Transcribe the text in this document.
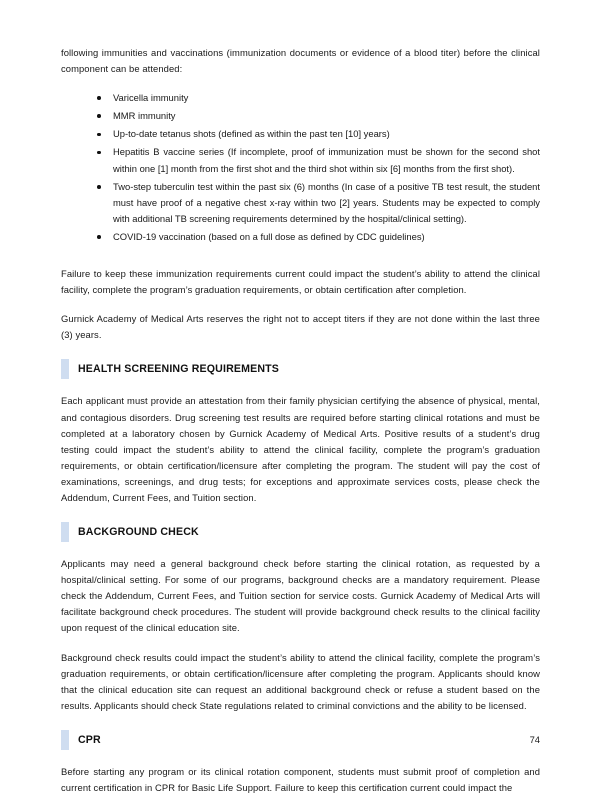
following immunities and vaccinations (immunization documents or evidence of a blood titer) before the clinical component can be attended:

Varicella immunity
MMR immunity
Up-to-date tetanus shots (defined as within the past ten [10] years)
Hepatitis B vaccine series (If incomplete, proof of immunization must be shown for the second shot within one [1] month from the first shot and the third shot within six [6] months from the first shot).
Two-step tuberculin test within the past six (6) months (In case of a positive TB test result, the student must have proof of a negative chest x-ray within two [2] years. Students may be expected to comply with additional TB screening requirements determined by the hospital/clinical setting).
COVID-19 vaccination (based on a full dose as defined by CDC guidelines)

Failure to keep these immunization requirements current could impact the student’s ability to attend the clinical facility, complete the program’s graduation requirements, or obtain certification after completion.

Gurnick Academy of Medical Arts reserves the right not to accept titers if they are not done within the last three (3) years.

HEALTH SCREENING REQUIREMENTS

Each applicant must provide an attestation from their family physician certifying the absence of physical, mental, and contagious disorders. Drug screening test results are required before starting clinical rotations and must be completed at a laboratory chosen by Gurnick Academy of Medical Arts. Positive results of a student’s drug testing could impact the student’s ability to attend the clinical facility, complete the program’s graduation requirements, or obtain certification/licensure after completing the program. The student will pay the cost of examinations, screenings, and drug tests; for exceptions and approximate services costs, please check the Addendum, Current Fees, and Tuition section.

BACKGROUND CHECK

Applicants may need a general background check before starting the clinical rotation, as requested by a hospital/clinical setting. For some of our programs, background checks are a mandatory requirement. Please check the Addendum, Current Fees, and Tuition section for service costs. Gurnick Academy of Medical Arts will facilitate background check procedures. The student will provide background check results to the clinical facility upon request of the clinical education site.

Background check results could impact the student’s ability to attend the clinical facility, complete the program’s graduation requirements, or obtain certification/licensure after completing the program. Applicants should know that the clinical education site can request an additional background check or refuse a student based on the results. Applicants should check State regulations related to criminal convictions and the ability to be licensed.

CPR

Before starting any program or its clinical rotation component, students must submit proof of completion and current certification in CPR for Basic Life Support. Failure to keep this certification current could impact the

74
